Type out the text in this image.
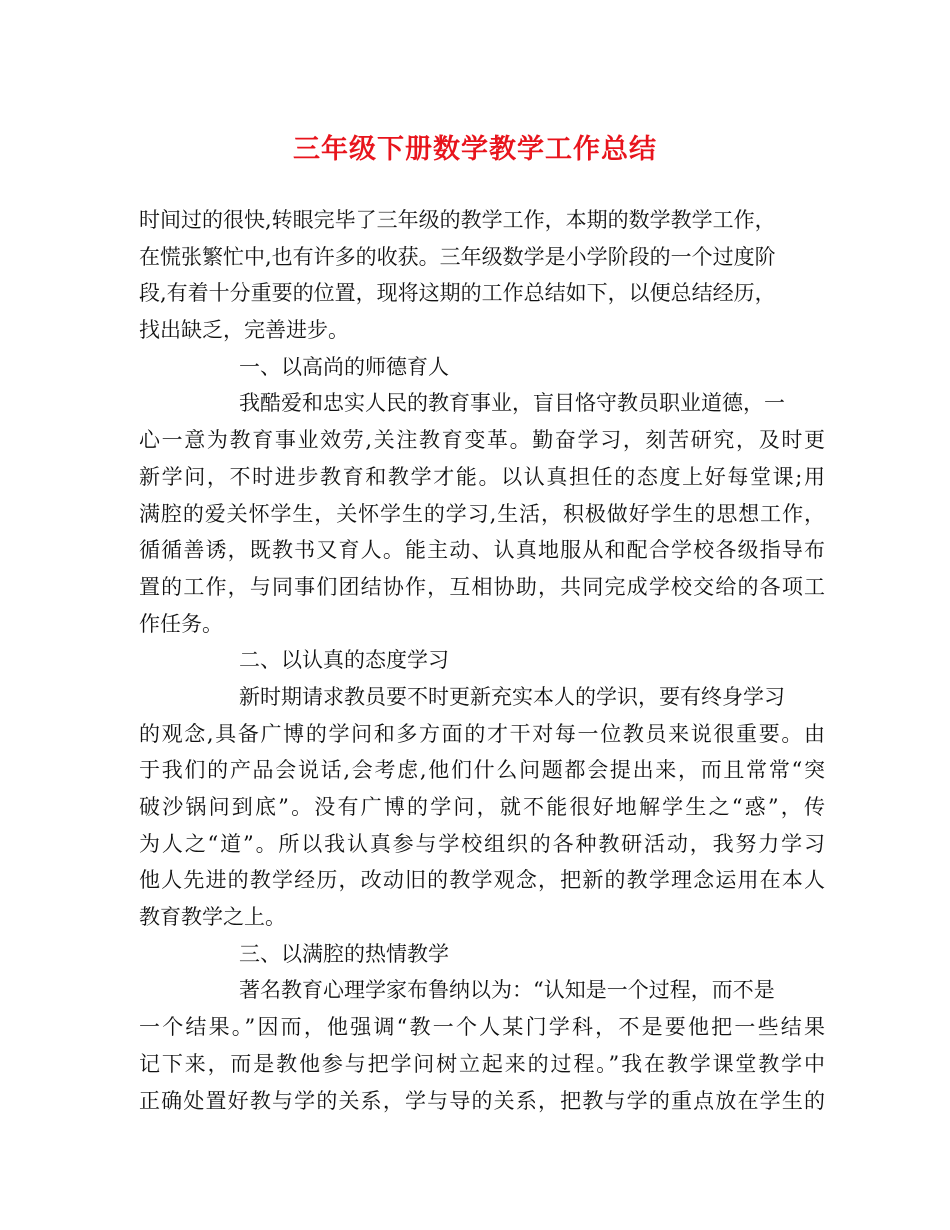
三年级下册数学教学工作总结
时间过的很快,转眼完毕了三年级的教学工作，本期的数学教学工作，
在慌张繁忙中,也有许多的收获。三年级数学是小学阶段的一个过度阶
段,有着十分重要的位置，现将这期的工作总结如下，以便总结经历，
找出缺乏，完善进步。
一、以高尚的师德育人
我酷爱和忠实人民的教育事业，盲目恪守教员职业道德，一
心一意为教育事业效劳,关注教育变革。勤奋学习，刻苦研究，及时更
新学问，不时进步教育和教学才能。以认真担任的态度上好每堂课;用
满腔的爱关怀学生，关怀学生的学习,生活，积极做好学生的思想工作，
循循善诱，既教书又育人。能主动、认真地服从和配合学校各级指导布
置的工作，与同事们团结协作，互相协助，共同完成学校交给的各项工
作任务。
二、以认真的态度学习
新时期请求教员要不时更新充实本人的学识，要有终身学习
的观念,具备广博的学问和多方面的才干对每一位教员来说很重要。由
于我们的产品会说话,会考虑,他们什么问题都会提出来，而且常常“突
破沙锅问到底”。没有广博的学问，就不能很好地解学生之“惑”，传
为人之“道”。所以我认真参与学校组织的各种教研活动，我努力学习
他人先进的教学经历，改动旧的教学观念，把新的教学理念运用在本人
教育教学之上。
三、以满腔的热情教学
著名教育心理学家布鲁纳以为：“认知是一个过程，而不是
一个结果。”因而，他强调“教一个人某门学科，不是要他把一些结果
记下来，而是教他参与把学问树立起来的过程。”我在教学课堂教学中
正确处置好教与学的关系，学与导的关系，把教与学的重点放在学生的
